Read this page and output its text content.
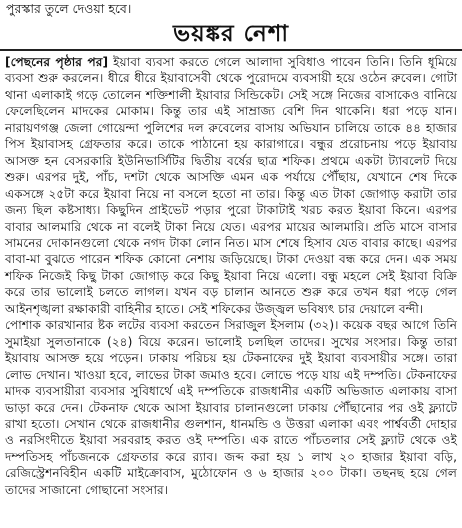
পুরস্কার তুলে দেওয়া হবে।
ভয়ঙ্কর নেশা

[পেছনের পৃষ্ঠার পর] ইয়াবা ব্যবসা করতে গেলে আলাদা সুবিধাও পাবেন তিনি। তিনি ধূমিয়ে ব্যবসা শুরু করলেন। ধীরে ধীরে ইয়াবাসেবী থেকে পুরোদমে ব্যবসায়ী হয়ে ওঠেন রুবেল। গোটা থানা এলাকাই গড়ে তোলেন শক্তিশালী ইয়াবার সিন্ডিকেট। সেই সঙ্গে নিজের বাসাকেও বানিয়ে ফেলেছিলেন মাদকের মোকাম। কিন্তু তার এই সাম্রাজ্য বেশি দিন থাকেনি। ধরা পড়ে যান। নারায়ণগঞ্জ জেলা গোয়েন্দা পুলিশের দল রুবেলের বাসায় অভিযান চালিয়ে তাকে ৪৪ হাজার পিস ইয়াবাসহ গ্রেফতার করে। তাকে পাঠানো হয় কারাগারে। বন্ধুর প্ররোচনায় পড়ে ইয়াবায় আসক্ত হন বেসরকারি ইউনিভার্সিটির দ্বিতীয় বর্ষের ছাত্র শফিক। প্রথমে একটা ট্যাবলেট দিয়ে শুরু। এরপর দুই, পাঁচ, দশটা থেকে আসক্তি এমন এক পর্যায়ে পৌঁছায়, যেখানে শেষ দিকে একসঙ্গে ২৫টা করে ইয়াবা নিয়ে না বসলে হতো না তার। কিন্তু এত টাকা জোগাড় করাটা তার জন্য ছিল কষ্টসাধ্য। কিছুদিন প্রাইভেট পড়ার পুরো টাকাটাই খরচ করত ইয়াবা কিনে। এরপর বাবার আলমারি থেকে না বলেই টাকা নিয়ে যেত। এরপর মায়ের আলমারি। প্রতি মাসে বাসার সামনের দোকানগুলো থেকে নগদ টাকা লোন নিত। মাস শেষে হিসাব যেত বাবার কাছে। এরপর বাবা-মা বুঝতে পারেন শফিক কোনো নেশায় জড়িয়েছে। টাকা দেওয়া বন্ধ করে দেন। এক সময় শফিক নিজেই কিছু টাকা জোগাড় করে কিছু ইয়াবা নিয়ে এলো। বন্ধু মহলে সেই ইয়াবা বিক্রি করে তার ভালোই চলতে লাগল। যখন বড় চালান আনতে শুরু করে তখন ধরা পড়ে গেল আইনশৃঙ্খলা রক্ষাকারী বাহিনীর হাতে। সেই শফিকের উজ্জ্বল ভবিষ্যৎ চার দেয়ালে বন্দী।

পোশাক কারখানার ষ্টক লটের ব্যবসা করতেন সিরাজুল ইসলাম (৩২)। কয়েক বছর আগে তিনি সুমাইয়া সুলতানাকে (২৪) বিয়ে করেন। ভালোই চলছিল তাদের। সুখের সংসার। কিন্তু তারা ইয়াবায় আসক্ত হয়ে পড়েন। ঢাকায় পরিচয় হয় টেকনাফের দুই ইয়াবা ব্যবসায়ীর সঙ্গে। তারা লোভ দেখান। খাওয়া হবে, লাভের টাকা জমাও হবে। লোভে পড়ে যায় এই দম্পতি। টেকনাফের মাদক ব্যবসায়ীরা ব্যবসার সুবিধার্থে এই দম্পতিকে রাজধানীর একটি অভিজাত এলাকায় বাসা ভাড়া করে দেন। টেকনাফ থেকে আসা ইয়াবার চালানগুলো ঢাকায় পৌঁছানোর পর ওই ফ্ল্যাটে রাখা হতো। সেখান থেকে রাজধানীর গুলশান, ধানমন্ডি ও উত্তরা এলাকা এবং পার্শ্ববর্তী দোহার ও নরসিংদীতে ইয়াবা সরবরাহ করত ওই দম্পতি। এক রাতে পাঁচতলার সেই ফ্ল্যাট থেকে ওই দম্পতিসহ পাঁচজনকে গ্রেফতার করে র‌্যাব। জব্দ করা হয় ১ লাখ ২০ হাজার ইয়াবা বড়ি, রেজিস্ট্রেশনবিহীন একটি মাইক্রোবাস, মুঠোফোন ও ৬ হাজার ২০০ টাকা। তছনছ হয়ে গেল তাদের সাজানো গোছানো সংসার।
